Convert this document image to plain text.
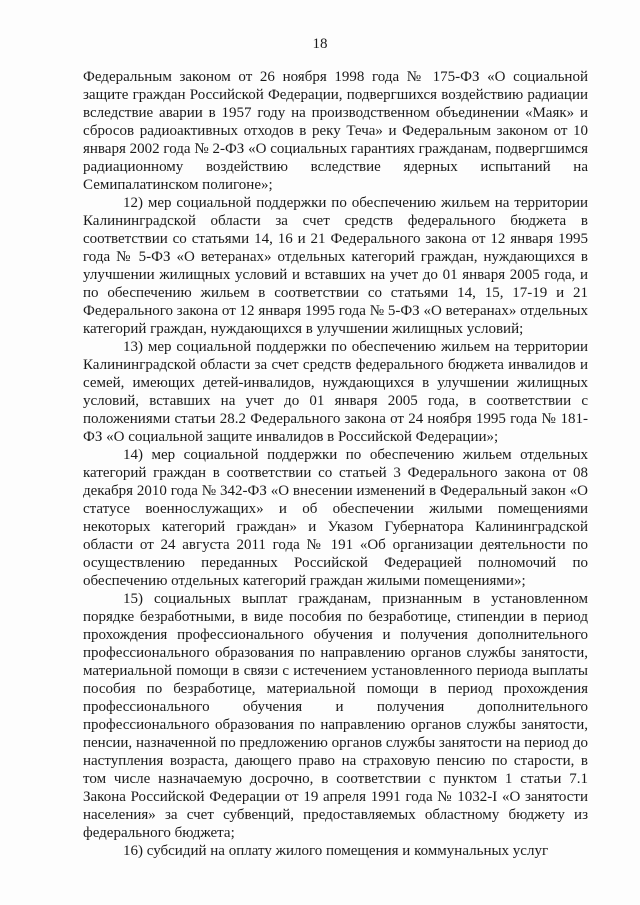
18

Федеральным законом от 26 ноября 1998 года № 175-ФЗ «О социальной защите граждан Российской Федерации, подвергшихся воздействию радиации вследствие аварии в 1957 году на производственном объединении «Маяк» и сбросов радиоактивных отходов в реку Теча» и Федеральным законом от 10 января 2002 года № 2-ФЗ «О социальных гарантиях гражданам, подвергшимся радиационному воздействию вследствие ядерных испытаний на Семипалатинском полигоне»;

12) мер социальной поддержки по обеспечению жильем на территории Калининградской области за счет средств федерального бюджета в соответствии со статьями 14, 16 и 21 Федерального закона от 12 января 1995 года № 5-ФЗ «О ветеранах» отдельных категорий граждан, нуждающихся в улучшении жилищных условий и вставших на учет до 01 января 2005 года, и по обеспечению жильем в соответствии со статьями 14, 15, 17-19 и 21 Федерального закона от 12 января 1995 года № 5-ФЗ «О ветеранах» отдельных категорий граждан, нуждающихся в улучшении жилищных условий;

13) мер социальной поддержки по обеспечению жильем на территории Калининградской области за счет средств федерального бюджета инвалидов и семей, имеющих детей-инвалидов, нуждающихся в улучшении жилищных условий, вставших на учет до 01 января 2005 года, в соответствии с положениями статьи 28.2 Федерального закона от 24 ноября 1995 года № 181-ФЗ «О социальной защите инвалидов в Российской Федерации»;

14) мер социальной поддержки по обеспечению жильем отдельных категорий граждан в соответствии со статьей 3 Федерального закона от 08 декабря 2010 года № 342-ФЗ «О внесении изменений в Федеральный закон «О статусе военнослужащих» и об обеспечении жилыми помещениями некоторых категорий граждан» и Указом Губернатора Калининградской области от 24 августа 2011 года № 191 «Об организации деятельности по осуществлению переданных Российской Федерацией полномочий по обеспечению отдельных категорий граждан жилыми помещениями»;

15) социальных выплат гражданам, признанным в установленном порядке безработными, в виде пособия по безработице, стипендии в период прохождения профессионального обучения и получения дополнительного профессионального образования по направлению органов службы занятости, материальной помощи в связи с истечением установленного периода выплаты пособия по безработице, материальной помощи в период прохождения профессионального обучения и получения дополнительного профессионального образования по направлению органов службы занятости, пенсии, назначенной по предложению органов службы занятости на период до наступления возраста, дающего право на страховую пенсию по старости, в том числе назначаемую досрочно, в соответствии с пунктом 1 статьи 7.1 Закона Российской Федерации от 19 апреля 1991 года № 1032-I «О занятости населения» за счет субвенций, предоставляемых областному бюджету из федерального бюджета;

16) субсидий на оплату жилого помещения и коммунальных услуг
